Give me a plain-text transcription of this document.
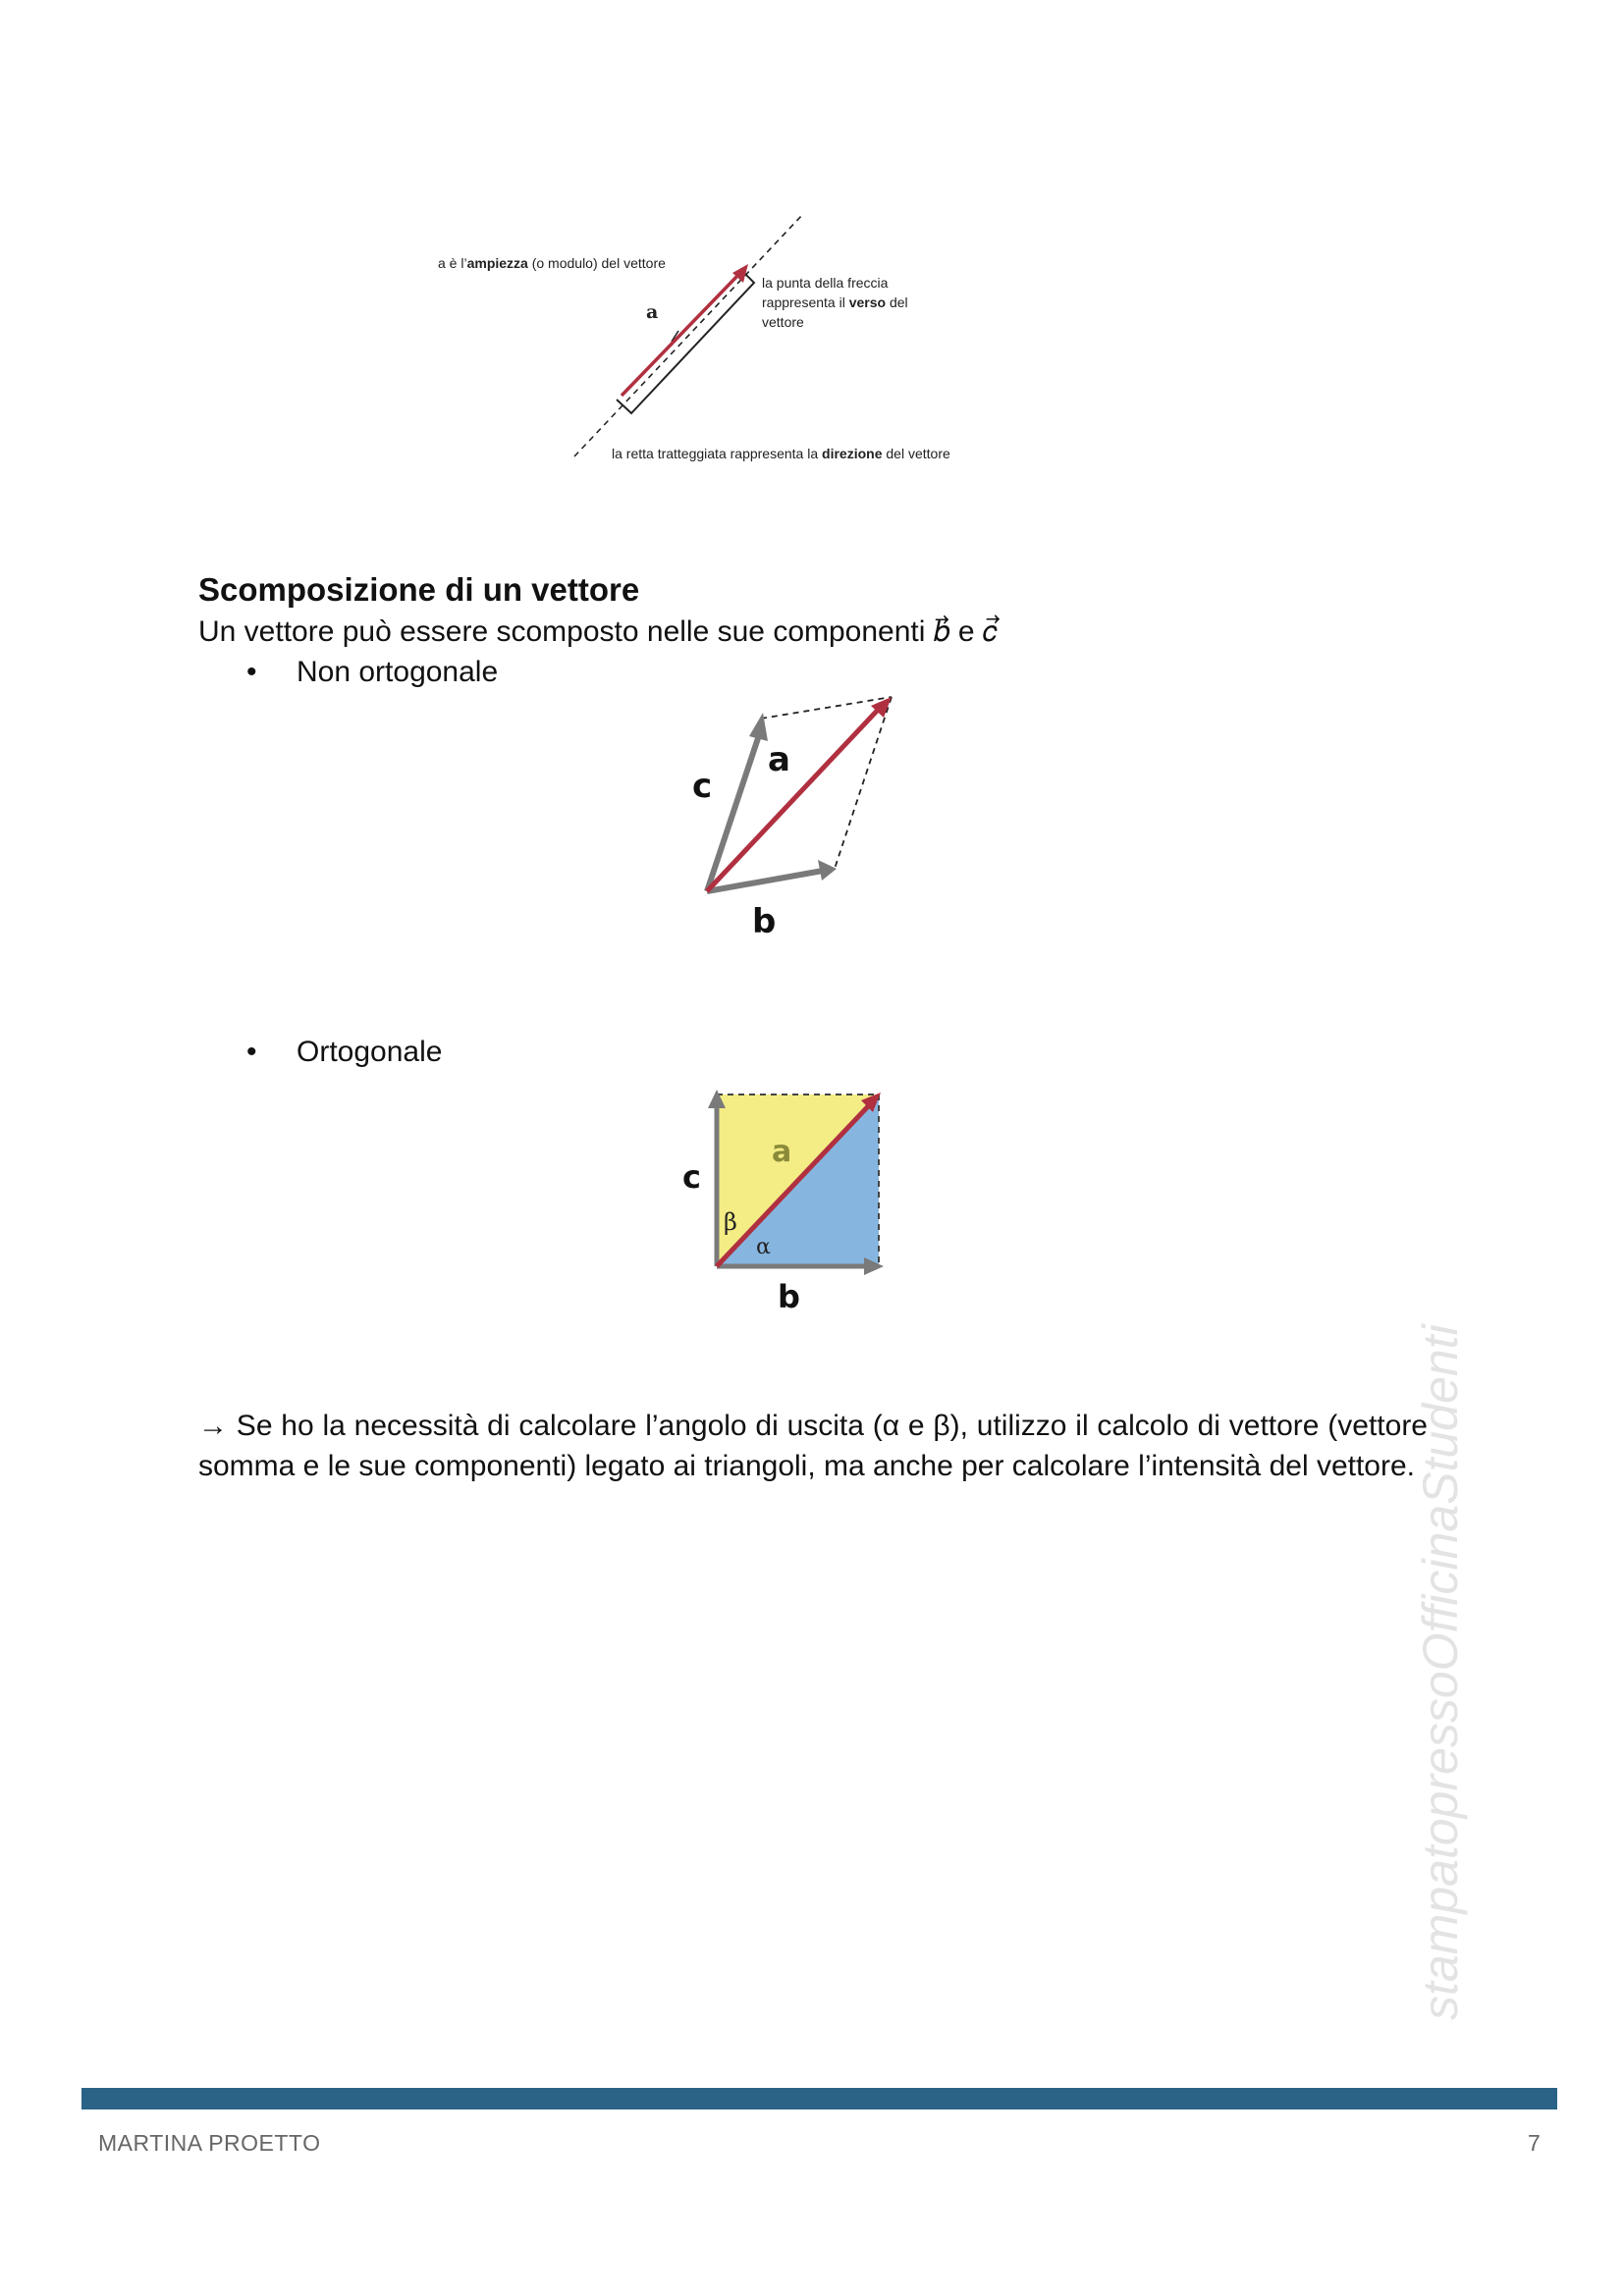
a
a è l’ampiezza (o modulo) del vettore
la punta della freccia
rappresenta il verso del
vettore
la retta tratteggiata rappresenta la direzione del vettore
Scomposizione di un vettore

Un vettore può essere scomposto nelle sue componenti 𝑏⃗ e 𝑐⃗

• Non ortogonale
a
c
b
• Ortogonale
a
c
β
α
b

→ Se ho la necessità di calcolare l’angolo di uscita (α e β), utilizzo il calcolo di vettore (vettore somma e le sue componenti) legato ai triangoli, ma anche per calcolare l’intensità del vettore.

stampatopressoOfficinaStudenti
MARTINA PROETTO	7
